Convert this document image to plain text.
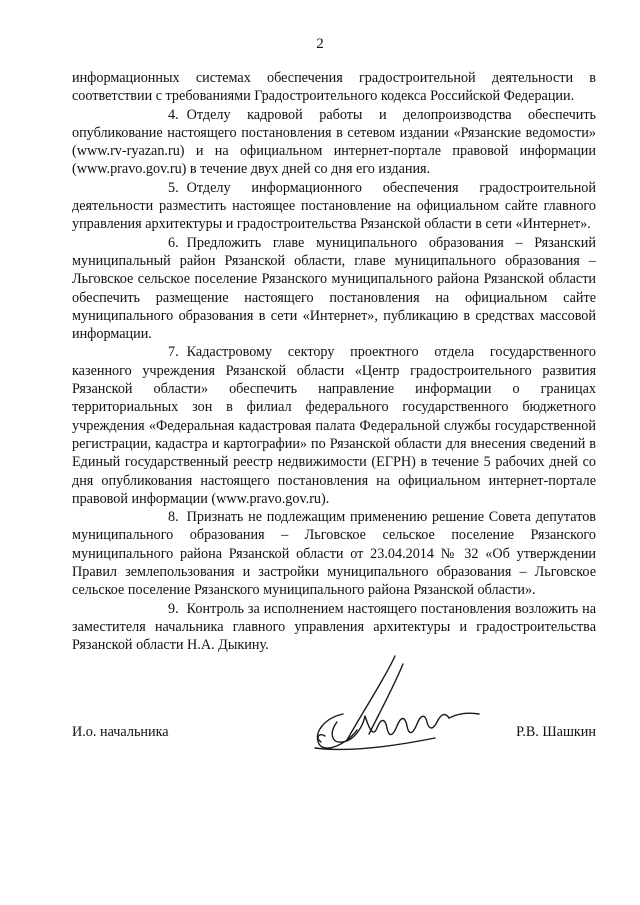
2

информационных системах обеспечения градостроительной деятельности в соответствии с требованиями Градостроительного кодекса Российской Федерации.

4. Отделу кадровой работы и делопроизводства обеспечить опубликование настоящего постановления в сетевом издании «Рязанские ведомости» (www.rv-ryazan.ru) и на официальном интернет-портале правовой информации (www.pravo.gov.ru) в течение двух дней со дня его издания.

5. Отделу информационного обеспечения градостроительной деятельности разместить настоящее постановление на официальном сайте главного управления архитектуры и градостроительства Рязанской области в сети «Интернет».

6. Предложить главе муниципального образования – Рязанский муниципальный район Рязанской области, главе муниципального образования – Льговское сельское поселение Рязанского муниципального района Рязанской области обеспечить размещение настоящего постановления на официальном сайте муниципального образования в сети «Интернет», публикацию в средствах массовой информации.

7. Кадастровому сектору проектного отдела государственного казенного учреждения Рязанской области «Центр градостроительного развития Рязанской области» обеспечить направление информации о границах территориальных зон в филиал федерального государственного бюджетного учреждения «Федеральная кадастровая палата Федеральной службы государственной регистрации, кадастра и картографии» по Рязанской области для внесения сведений в Единый государственный реестр недвижимости (ЕГРН) в течение 5 рабочих дней со дня опубликования настоящего постановления на официальном интернет-портале правовой информации (www.pravo.gov.ru).

8. Признать не подлежащим применению решение Совета депутатов муниципального образования – Льговское сельское поселение Рязанского муниципального района Рязанской области от 23.04.2014 № 32 «Об утверждении Правил землепользования и застройки муниципального образования – Льговское сельское поселение Рязанского муниципального района Рязанской области».

9. Контроль за исполнением настоящего постановления возложить на заместителя начальника главного управления архитектуры и градостроительства Рязанской области Н.А. Дыкину.

И.о. начальника	Р.В. Шашкин
